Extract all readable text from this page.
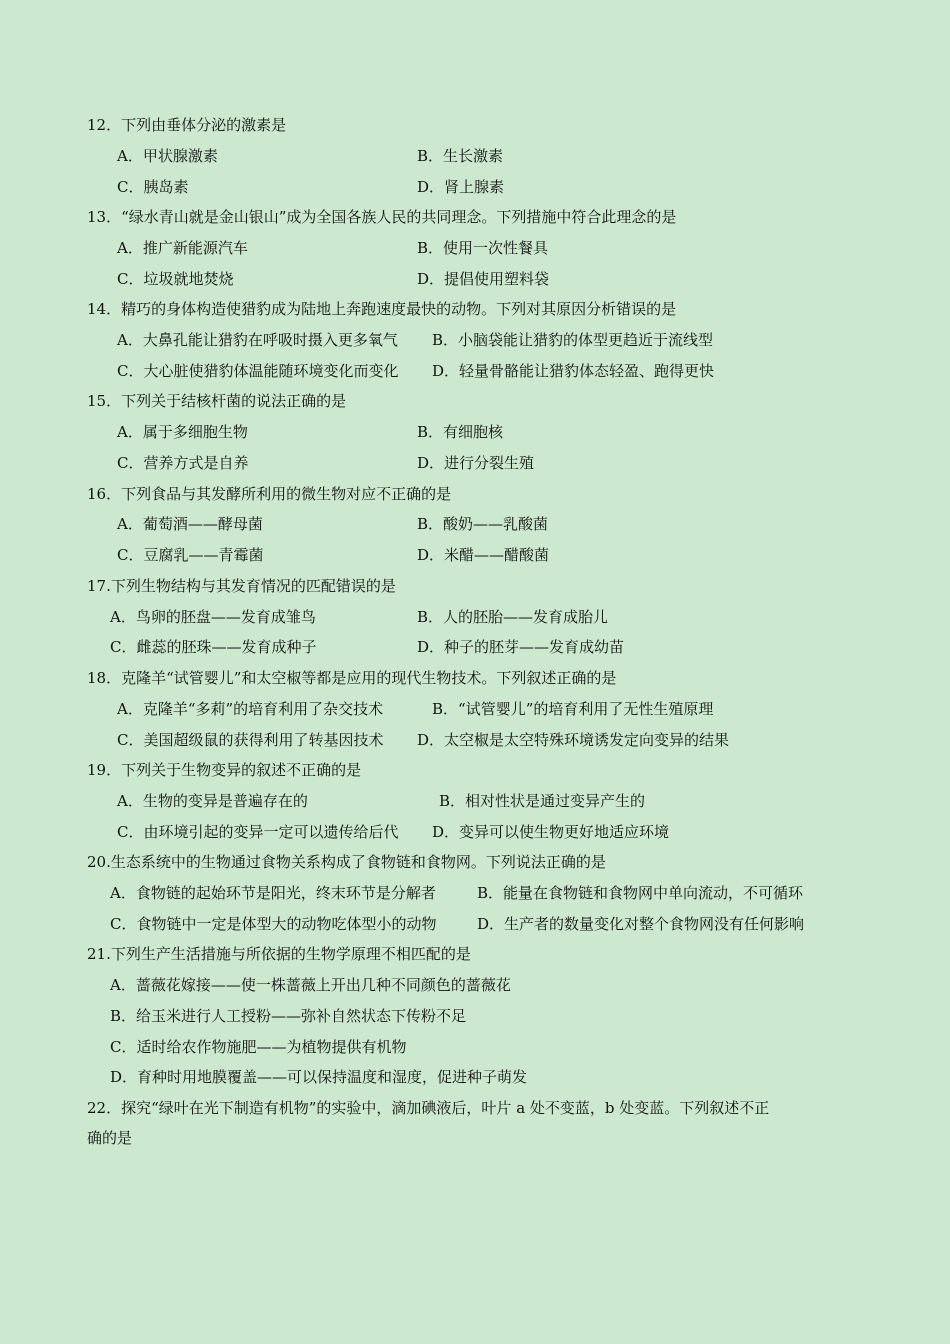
12．下列由垂体分泌的激素是
A．甲状腺激素	B．生长激素
C．胰岛素	D．肾上腺素
13．“绿水青山就是金山银山”成为全国各族人民的共同理念。下列措施中符合此理念的是
A．推广新能源汽车	B．使用一次性餐具
C．垃圾就地焚烧	D．提倡使用塑料袋
14．精巧的身体构造使猎豹成为陆地上奔跑速度最快的动物。下列对其原因分析错误的是
A．大鼻孔能让猎豹在呼吸时摄入更多氧气 B．小脑袋能让猎豹的体型更趋近于流线型
C．大心脏使猎豹体温能随环境变化而变化 D．轻量骨骼能让猎豹体态轻盈、跑得更快
15．下列关于结核杆菌的说法正确的是
A．属于多细胞生物	B．有细胞核
C．营养方式是自养	D．进行分裂生殖
16．下列食品与其发酵所利用的微生物对应不正确的是
A．葡萄酒——酵母菌	B．酸奶——乳酸菌
C．豆腐乳——青霉菌	D．米醋——醋酸菌
17.下列生物结构与其发育情况的匹配错误的是
A．鸟卵的胚盘——发育成雏鸟	B．人的胚胎——发育成胎儿
C．雌蕊的胚珠——发育成种子	D．种子的胚芽——发育成幼苗
18．克隆羊“试管婴儿”和太空椒等都是应用的现代生物技术。下列叙述正确的是
A．克隆羊“多莉”的培育利用了杂交技术	B．“试管婴儿”的培育利用了无性生殖原理
C．美国超级鼠的获得利用了转基因技术 D．太空椒是太空特殊环境诱发定向变异的结果
19．下列关于生物变异的叙述不正确的是
A．生物的变异是普遍存在的	B．相对性状是通过变异产生的
C．由环境引起的变异一定可以遗传给后代 D．变异可以使生物更好地适应环境
20.生态系统中的生物通过食物关系构成了食物链和食物网。下列说法正确的是
A．食物链的起始环节是阳光，终末环节是分解者	B．能量在食物链和食物网中单向流动，不可循环
C．食物链中一定是体型大的动物吃体型小的动物	D．生产者的数量变化对整个食物网没有任何影响
21.下列生产生活措施与所依据的生物学原理不相匹配的是
A．蔷薇花嫁接——使一株蔷薇上开出几种不同颜色的蔷薇花
B．给玉米进行人工授粉——弥补自然状态下传粉不足
C．适时给农作物施肥——为植物提供有机物
D．育种时用地膜覆盖——可以保持温度和湿度，促进种子萌发
22．探究“绿叶在光下制造有机物”的实验中，滴加碘液后，叶片 a 处不变蓝，b 处变蓝。下列叙述不正
确的是
